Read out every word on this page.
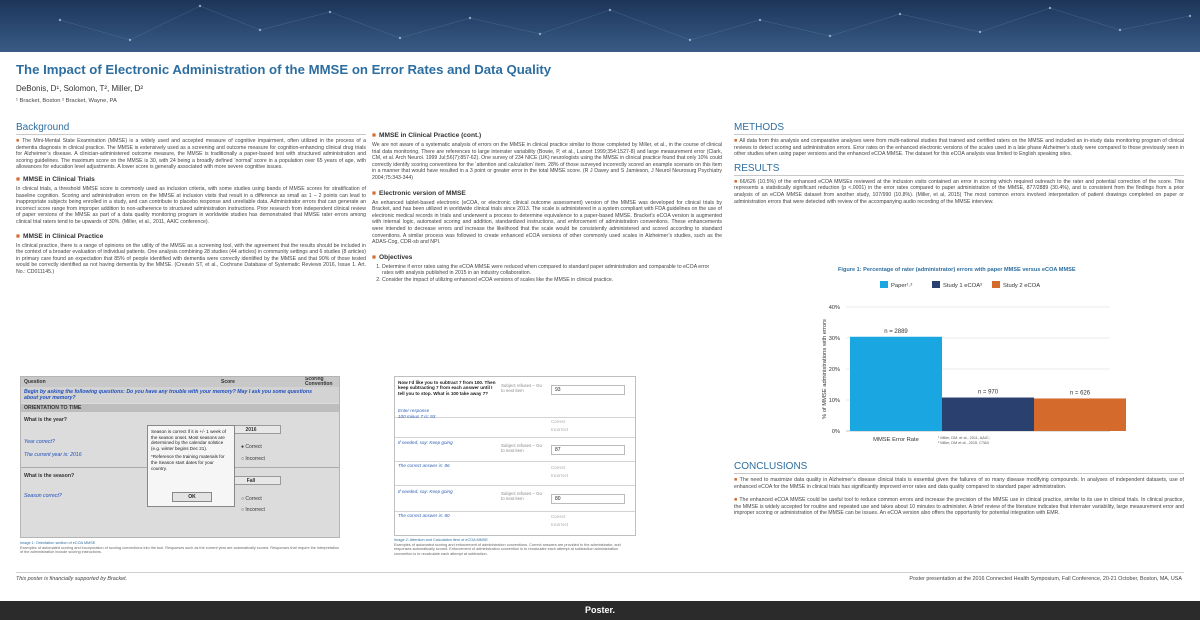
The Impact of Electronic Administration of the MMSE on Error Rates and Data Quality
DeBonis, D¹, Solomon, T², Miller, D²
¹ Bracket, Boston ² Bracket, Wayne, PA
Background
■ The Mini-Mental State Examination (MMSE) is a widely used and accepted measure of cognitive impairment, often utilized in the process of a dementia diagnosis in clinical practice. The MMSE is extensively used as a screening and outcome measure for cognition-enhancing clinical drug trials for Alzheimer’s disease. A clinician-administered outcome measure, the MMSE is traditionally a paper-based test with structured administration and scoring guidelines. The maximum score on the MMSE is 30, with 24 being a broadly defined ‘normal’ score in a population over 65 years of age, with allowances for education level adjustments. A lower score is generally associated with more severe cognitive issues.
■ MMSE in Clinical Trials
In clinical trials, a threshold MMSE score is commonly used as inclusion criteria, with some studies using bands of MMSE scores for stratification of baseline cognition. Scoring and administration errors on the MMSE at inclusion visits that result in a difference as small as 1 – 2 points can lead to inappropriate subjects being enrolled in a study, and can contribute to placebo response and unreliable data. Administrator errors that can generate an incorrect score range from improper addition to non-adherence to structured administration instructions. Prior research from independent clinical review of paper versions of the MMSE as part of a data quality monitoring program in worldwide studies has demonstrated that MMSE rater errors among clinical trial raters tend to be upwards of 30%. (Miller, et al., 2011, AAIC conference).
■ MMSE in Clinical Practice
In clinical practice, there is a range of opinions on the utility of the MMSE as a screening tool, with the agreement that the results should be included in the context of a broader evaluation of individual patients. One analysis combining 28 studies (44 articles) in community settings and 6 studies (8 articles) in primary care found an expectation that 85% of people identified with dementia were correctly identified by the MMSE and that 90% of those tested would be correctly identified as not having dementia by the MMSE. (Creavin ST, et al., Cochrane Database of Systematic Reviews 2016, Issue 1. Art. No.: CD011145.)
Question	Score	Scoring Convention
Begin by asking the following questions: Do you have any trouble with your memory? May I ask you some questions about your memory?
ORIENTATION TO TIME
What is the year?
2016
Year correct?
● Correct
The current year is: 2016
○ Incorrect
What is the season?
Fall
Season correct?	○ Correct
○ Incorrect
Season is correct if it is +/- 1 week of the season onset. Most seasons are determined by the calendar solstice (e.g. winter begins Dec 21).
*Reference the training materials for the Season start dates for your country.
OK
Image 1: Orientation section of eCOA MMSE
Examples of automated scoring and incorporation of scoring conventions into the tool. Responses such as the current year are automatically scored. Responses that require the interpretation of the administration include scoring instructions.
■ MMSE in Clinical Practice (cont.)
We are not aware of a systematic analysis of errors on the MMSE in clinical practice similar to those completed by Miller, et al., in the course of clinical trial data monitoring. There are references to large interrater variability (Bowie, P, et al., Lancet 1999;354:1527-8) and large measurement error (Clark, CM, et al. Arch Neurol. 1999 Jul;56(7):857-62). One survey of 234 NICE (UK) neurologists using the MMSE in clinical practice found that only 10% could correctly identify scoring conventions for the ‘attention and calculation’ item. 28% of those surveyed incorrectly scored an example scenario on this item in a manner that would have resulted in a 3 point or greater error in the total MMSE score. (R J Davey and S Jamieson, J Neurol Neurosurg Psychiatry 2004;75:343-344)
■ Electronic version of MMSE
An enhanced tablet-based electronic (eCOA, or electronic clinical outcome assessment) version of the MMSE was developed for clinical trials by Bracket, and has been utilized in worldwide clinical trials since 2013. The scale is administered in a system compliant with FDA guidelines on the use of electronic medical records in trials and underwent a process to determine equivalence to a paper-based MMSE. Bracket’s eCOA version is augmented with internal logic, automated scoring and addition, standardized instructions, and enforcement of administration conventions. These enhancements were intended to decrease errors and increase the likelihood that the scale would be consistently administered and scored according to standard conventions. A similar process was followed to create enhanced eCOA versions of other commonly used scales in Alzheimer’s studies, such as the ADAS-Cog, CDR-sb and NPI.
■ Objectives
1. Determine if error rates using the eCOA MMSE were reduced when compared to standard paper administration and comparable to eCOA error rates with analysis published in 2015 in an industry collaboration.
2. Consider the impact of utilizing enhanced eCOA versions of scales like the MMSE in clinical practice.
Now I’d like you to subtract 7 from 100. Then keep subtracting 7 from each answer until I tell you to stop. What is 100 take away 7?
Enter response
Subject refuses – Go to next item	93
100 minus 7 is: 93
Correct
Incorrect
If needed, say: Keep going
Subject refuses – Go to next item	87
The correct answer is: 86	Correct
Incorrect
If needed, say: Keep going	Subject refuses – Go to next item	80
The correct answer is: 80	Correct
Incorrect
Image 2: Attention and Calculation item of eCOA MMSE
Examples of automated scoring and enforcement of administration conventions. Correct answers are provided to the administrator, and responses automatically scored. Enforcement of administration convention is to recalculate each attempt at subtraction administration convention is to recalculate each attempt at subtraction.
METHODS
■ All data from this analysis and comparative analyses were from multi-national studies that trained and certified raters on the MMSE and included an in-study data monitoring program of clinical reviews to detect scoring and administration errors. Error rates on the enhanced electronic versions of the scales used in a late phase Alzheimer’s study were compared to those previously seen in other studies when using paper versions and the enhanced eCOA MMSE. The dataset for this eCOA analysis was limited to English speaking sites.
RESULTS
■ 66/626 (10.5%) of the enhanced eCOA MMSEs reviewed at the inclusion visits contained an error in scoring which required outreach to the rater and potential correction of the score. This represents a statistically significant reduction (p <.0001) in the error rates compared to paper administration of the MMSE, 877/2889 (30.4%), and is consistent from the findings from a prior analysis of an eCOA MMSE dataset from another study, 107/990 (10.8%). (Miller, et al, 2015) The most common errors involved interpretation of patient drawings completed on paper or administration errors that were detected with review of the accompanying audio recording of the MMSE interview.
Figure 1: Percentage of rater (administrator) errors with paper MMSE versus eCOA MMSE
Paper¹˒²	Study 1 eCOA³	Study 2 eCOA
0%
10%
20%
30%
40%
% of MMSE administrations with errors	n = 2889
n = 970	n = 626
MMSE Error Rate	¹ Miller, DM. et al., 2011, AAIC;
² Miller, DM et al., 2015, CTAD
CONCLUSIONS
■ The need to maximize data quality in Alzheimer’s disease clinical trials is essential given the failures of so many disease modifying compounds. In analyses of independent datasets, use of enhanced eCOA for the MMSE in clinical trials has significantly improved error rates and data quality compared to standard paper administration.
■ The enhanced eCOA MMSE could be useful tool to reduce common errors and increase the precision of the MMSE use in clinical practice, similar to its use in clinical trials. In clinical practice, the MMSE is widely accepted for routine and repeated use and takes about 10 minutes to administer. A brief review of the literature indicates that interrater variability, large measurement error and improper scoring or administration of the MMSE can be issues. An eCOA version also offers the opportunity for potential integration with EMR.
This poster is financially supported by Bracket.	Poster presentation at the 2016 Connected Health Symposium, Fall Conference, 20-21 October, Boston, MA, USA
Poster.
